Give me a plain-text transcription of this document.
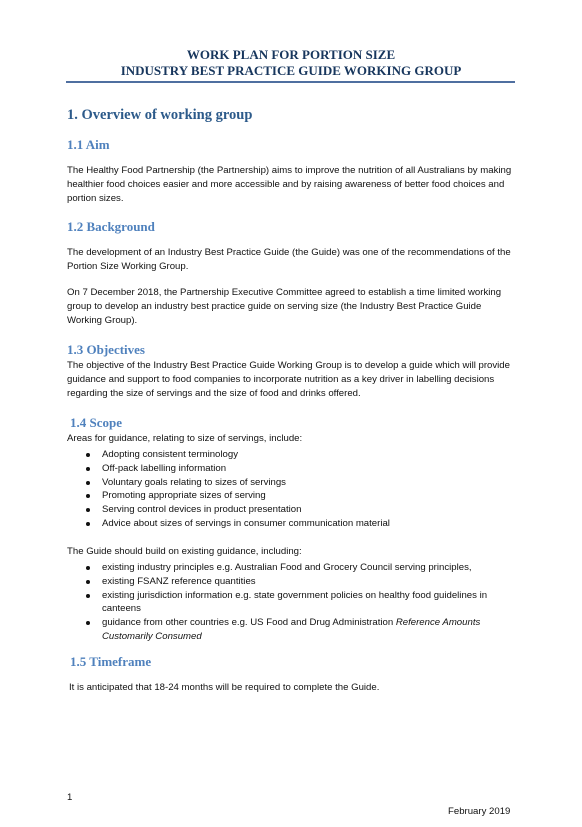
WORK PLAN FOR PORTION SIZE
INDUSTRY BEST PRACTICE GUIDE WORKING GROUP
1. Overview of working group
1.1 Aim

The Healthy Food Partnership (the Partnership) aims to improve the nutrition of all Australians by making healthier food choices easier and more accessible and by raising awareness of better food choices and portion sizes.

1.2 Background

The development of an Industry Best Practice Guide (the Guide) was one of the recommendations of the Portion Size Working Group.

On 7 December 2018, the Partnership Executive Committee agreed to establish a time limited working group to develop an industry best practice guide on serving size (the Industry Best Practice Guide Working Group).

1.3 Objectives

The objective of the Industry Best Practice Guide Working Group is to develop a guide which will provide guidance and support to food companies to incorporate nutrition as a key driver in labelling decisions regarding the size of servings and the size of food and drinks offered.

1.4 Scope

Areas for guidance, relating to size of servings, include:

Adopting consistent terminology
Off-pack labelling information
Voluntary goals relating to sizes of servings
Promoting appropriate sizes of serving
Serving control devices in product presentation
Advice about sizes of servings in consumer communication material

The Guide should build on existing guidance, including:

existing industry principles e.g. Australian Food and Grocery Council serving principles,
existing FSANZ reference quantities
existing jurisdiction information e.g. state government policies on healthy food guidelines in canteens
guidance from other countries e.g. US Food and Drug Administration Reference Amounts Customarily Consumed
1.5 Timeframe

It is anticipated that 18-24 months will be required to complete the Guide.

1
February 2019
